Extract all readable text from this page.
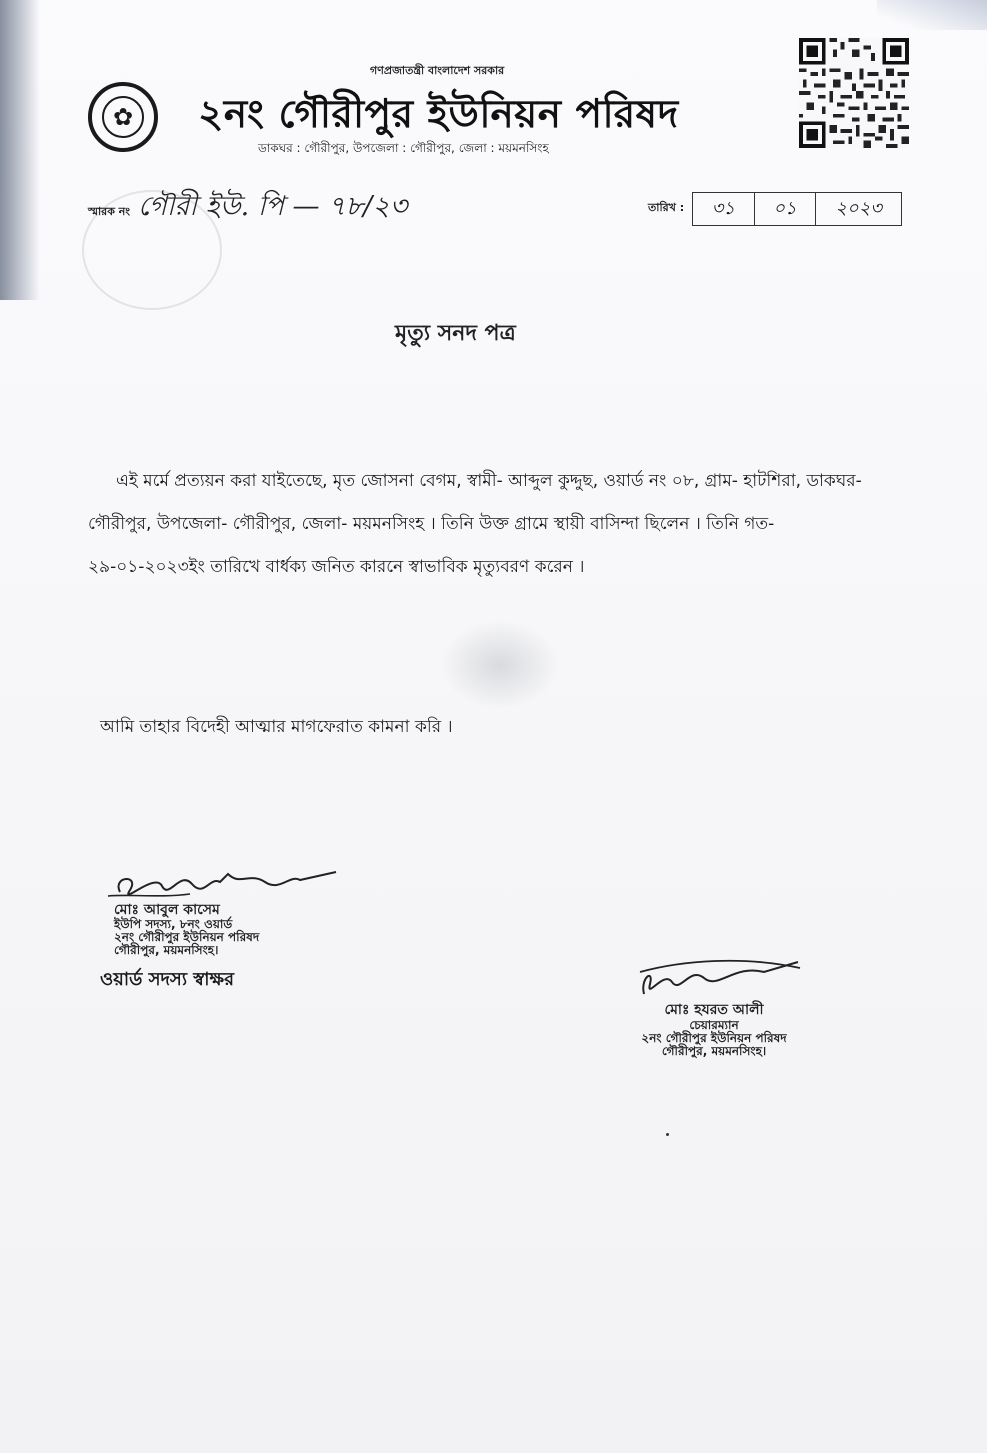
গণপ্রজাতন্ত্রী বাংলাদেশ সরকার
✿ ২নং গৌরীপুর ইউনিয়ন পরিষদ
ডাকঘর : গৌরীপুর, উপজেলা : গৌরীপুর, জেলা : ময়মনসিংহ
স্মারক নং গৌরী ইউ. পি — ৭৮/২৩	তারিখ :	৩১	০১	২০২৩
মৃত্যু সনদ পত্র

এই মর্মে প্রত্যয়ন করা যাইতেছে, মৃত জোসনা বেগম, স্বামী- আব্দুল কুদ্দুছ, ওয়ার্ড নং ০৮, গ্রাম- হাটশিরা, ডাকঘর- গৌরীপুর, উপজেলা- গৌরীপুর, জেলা- ময়মনসিংহ । তিনি উক্ত গ্রামে স্থায়ী বাসিন্দা ছিলেন । তিনি গত- ২৯-০১-২০২৩ইং তারিখে বার্ধক্য জনিত কারনে স্বাভাবিক মৃত্যুবরণ করেন ।

আমি তাহার বিদেহী আত্মার মাগফেরাত কামনা করি ।
মোঃ আবুল কাসেম
ইউপি সদস্য, ৮নং ওয়ার্ড
২নং গৌরীপুর ইউনিয়ন পরিষদ
গৌরীপুর, ময়মনসিংহ।
ওয়ার্ড সদস্য স্বাক্ষর
মোঃ হযরত আলী
চেয়ারম্যান
২নং গৌরীপুর ইউনিয়ন পরিষদ
গৌরীপুর, ময়মনসিংহ।
